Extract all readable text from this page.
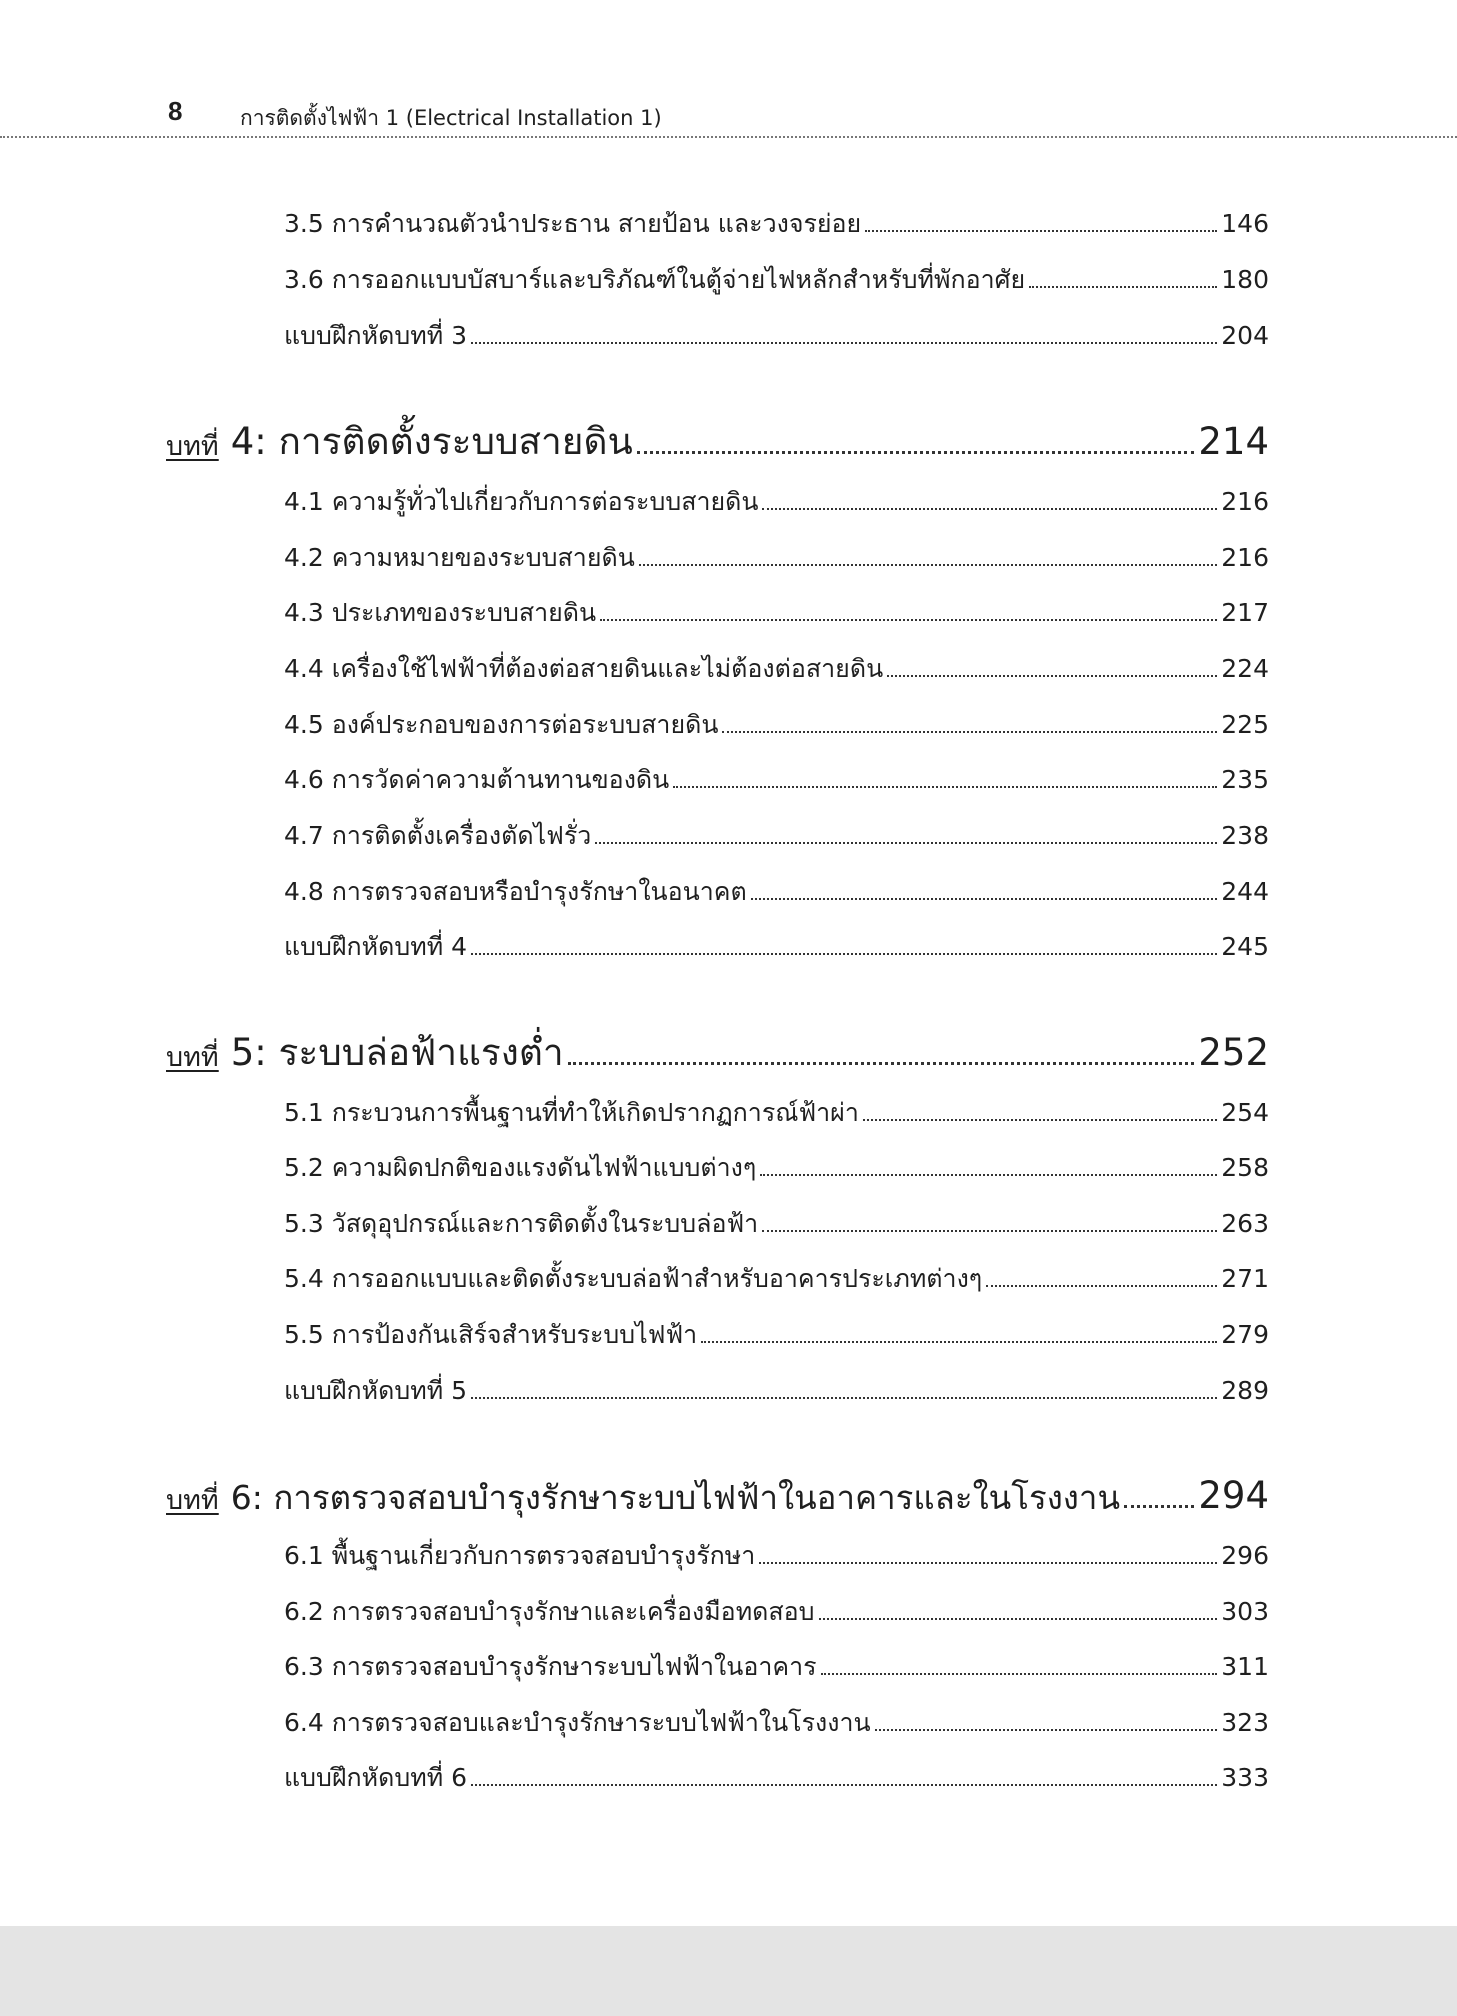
8	การติดตั้งไฟฟ้า 1 (Electrical Installation 1)
3.5 การคำนวณตัวนำประธาน สายป้อน และวงจรย่อย	146
3.6 การออกแบบบัสบาร์และบริภัณฑ์ในตู้จ่ายไฟหลักสำหรับที่พักอาศัย	180
แบบฝึกหัดบทที่ 3	204
บทที่ 4: การติดตั้งระบบสายดิน	214
4.1 ความรู้ทั่วไปเกี่ยวกับการต่อระบบสายดิน	216
4.2 ความหมายของระบบสายดิน	216
4.3 ประเภทของระบบสายดิน	217
4.4 เครื่องใช้ไฟฟ้าที่ต้องต่อสายดินและไม่ต้องต่อสายดิน	224
4.5 องค์ประกอบของการต่อระบบสายดิน	225
4.6 การวัดค่าความต้านทานของดิน	235
4.7 การติดตั้งเครื่องตัดไฟรั่ว	238
4.8 การตรวจสอบหรือบำรุงรักษาในอนาคต	244
แบบฝึกหัดบทที่ 4	245
บทที่ 5: ระบบล่อฟ้าแรงต่ำ	252
5.1 กระบวนการพื้นฐานที่ทำให้เกิดปรากฏการณ์ฟ้าผ่า	254
5.2 ความผิดปกติของแรงดันไฟฟ้าแบบต่างๆ	258
5.3 วัสดุอุปกรณ์และการติดตั้งในระบบล่อฟ้า	263
5.4 การออกแบบและติดตั้งระบบล่อฟ้าสำหรับอาคารประเภทต่างๆ	271
5.5 การป้องกันเสิร์จสำหรับระบบไฟฟ้า	279
แบบฝึกหัดบทที่ 5	289
บทที่ 6: การตรวจสอบบำรุงรักษาระบบไฟฟ้าในอาคารและในโรงงาน 294
6.1 พื้นฐานเกี่ยวกับการตรวจสอบบำรุงรักษา	296
6.2 การตรวจสอบบำรุงรักษาและเครื่องมือทดสอบ	303
6.3 การตรวจสอบบำรุงรักษาระบบไฟฟ้าในอาคาร	311
6.4 การตรวจสอบและบำรุงรักษาระบบไฟฟ้าในโรงงาน	323
แบบฝึกหัดบทที่ 6	333
